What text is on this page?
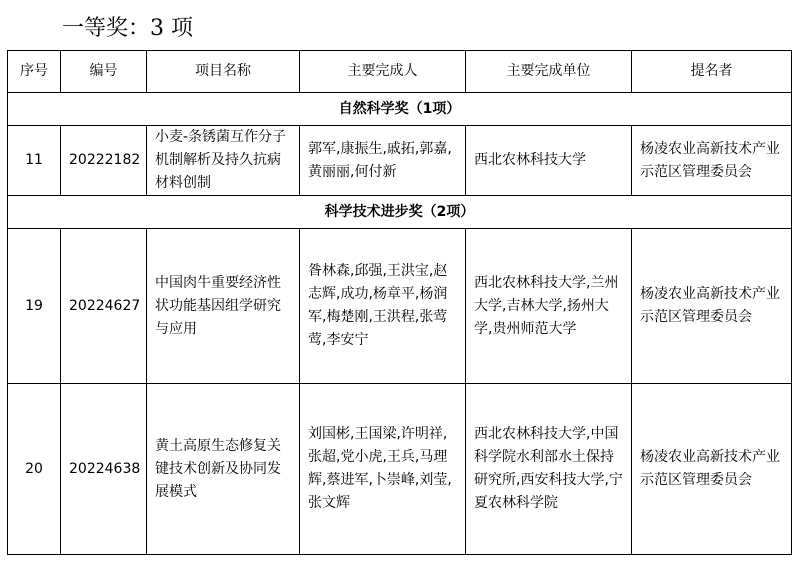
一等奖：3 项
序号	编号	项目名称	主要完成人	主要完成单位	提名者
自然科学奖（1项）					
11	20222182	小麦-条锈菌互作分子机制解析及持久抗病材料创制	郭军,康振生,戚拓,郭嘉,黄丽丽,何付新	西北农林科技大学	杨凌农业高新技术产业示范区管理委员会
科学技术进步奖（2项）					
19	20224627	中国肉牛重要经济性状功能基因组学研究与应用	昝林森,邱强,王洪宝,赵志辉,成功,杨章平,杨润军,梅楚刚,王洪程,张莺莺,李安宁	西北农林科技大学,兰州大学,吉林大学,扬州大学,贵州师范大学	杨凌农业高新技术产业示范区管理委员会
20	20224638	黄土高原生态修复关键技术创新及协同发展模式	刘国彬,王国梁,许明祥,张超,党小虎,王兵,马理辉,蔡进军,卜崇峰,刘莹,张文辉	西北农林科技大学,中国科学院水利部水土保持研究所,西安科技大学,宁夏农林科学院	杨凌农业高新技术产业示范区管理委员会
